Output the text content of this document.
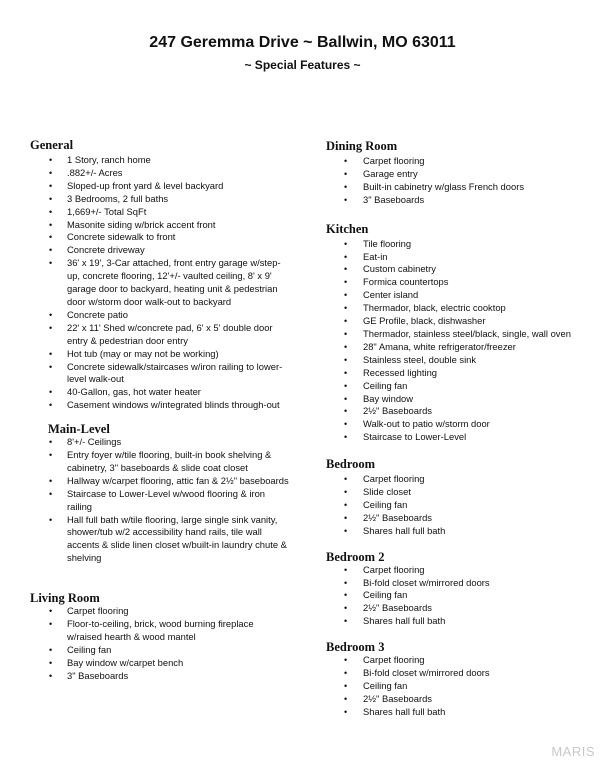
247 Geremma Drive ~ Ballwin, MO 63011
~ Special Features ~
General
• 1 Story, ranch home
• .882+/- Acres
• Sloped-up front yard & level backyard
• 3 Bedrooms, 2 full baths
• 1,669+/- Total SqFt
• Masonite siding w/brick accent front
• Concrete sidewalk to front
• Concrete driveway
• 36' x 19', 3-Car attached, front entry garage w/step-up, concrete flooring, 12'+/- vaulted ceiling, 8' x 9' garage door to backyard, heating unit & pedestrian door w/storm door walk-out to backyard
• Concrete patio
• 22' x 11' Shed w/concrete pad, 6' x 5' double door entry & pedestrian door entry
• Hot tub (may or may not be working)
• Concrete sidewalk/staircases w/iron railing to lower-level walk-out
• 40-Gallon, gas, hot water heater
• Casement windows w/integrated blinds through-out
Main-Level
• 8'+/- Ceilings
• Entry foyer w/tile flooring, built-in book shelving & cabinetry, 3" baseboards & slide coat closet
• Hallway w/carpet flooring, attic fan & 2½" baseboards
• Staircase to Lower-Level w/wood flooring & iron railing
• Hall full bath w/tile flooring, large single sink vanity, shower/tub w/2 accessibility hand rails, tile wall accents & slide linen closet w/built-in laundry chute & shelving
Living Room
• Carpet flooring
• Floor-to-ceiling, brick, wood burning fireplace w/raised hearth & wood mantel
• Ceiling fan
• Bay window w/carpet bench
• 3" Baseboards
Dining Room
• Carpet flooring
• Garage entry
• Built-in cabinetry w/glass French doors
• 3" Baseboards
Kitchen
• Tile flooring
• Eat-in
• Custom cabinetry
• Formica countertops
• Center island
• Thermador, black, electric cooktop
• GE Profile, black, dishwasher
• Thermador, stainless steel/black, single, wall oven
• 28" Amana, white refrigerator/freezer
• Stainless steel, double sink
• Recessed lighting
• Ceiling fan
• Bay window
• 2½" Baseboards
• Walk-out to patio w/storm door
• Staircase to Lower-Level
Bedroom
• Carpet flooring
• Slide closet
• Ceiling fan
• 2½" Baseboards
• Shares hall full bath
Bedroom 2
• Carpet flooring
• Bi-fold closet w/mirrored doors
• Ceiling fan
• 2½" Baseboards
• Shares hall full bath
Bedroom 3
• Carpet flooring
• Bi-fold closet w/mirrored doors
• Ceiling fan
• 2½" Baseboards
• Shares hall full bath
MARIS
